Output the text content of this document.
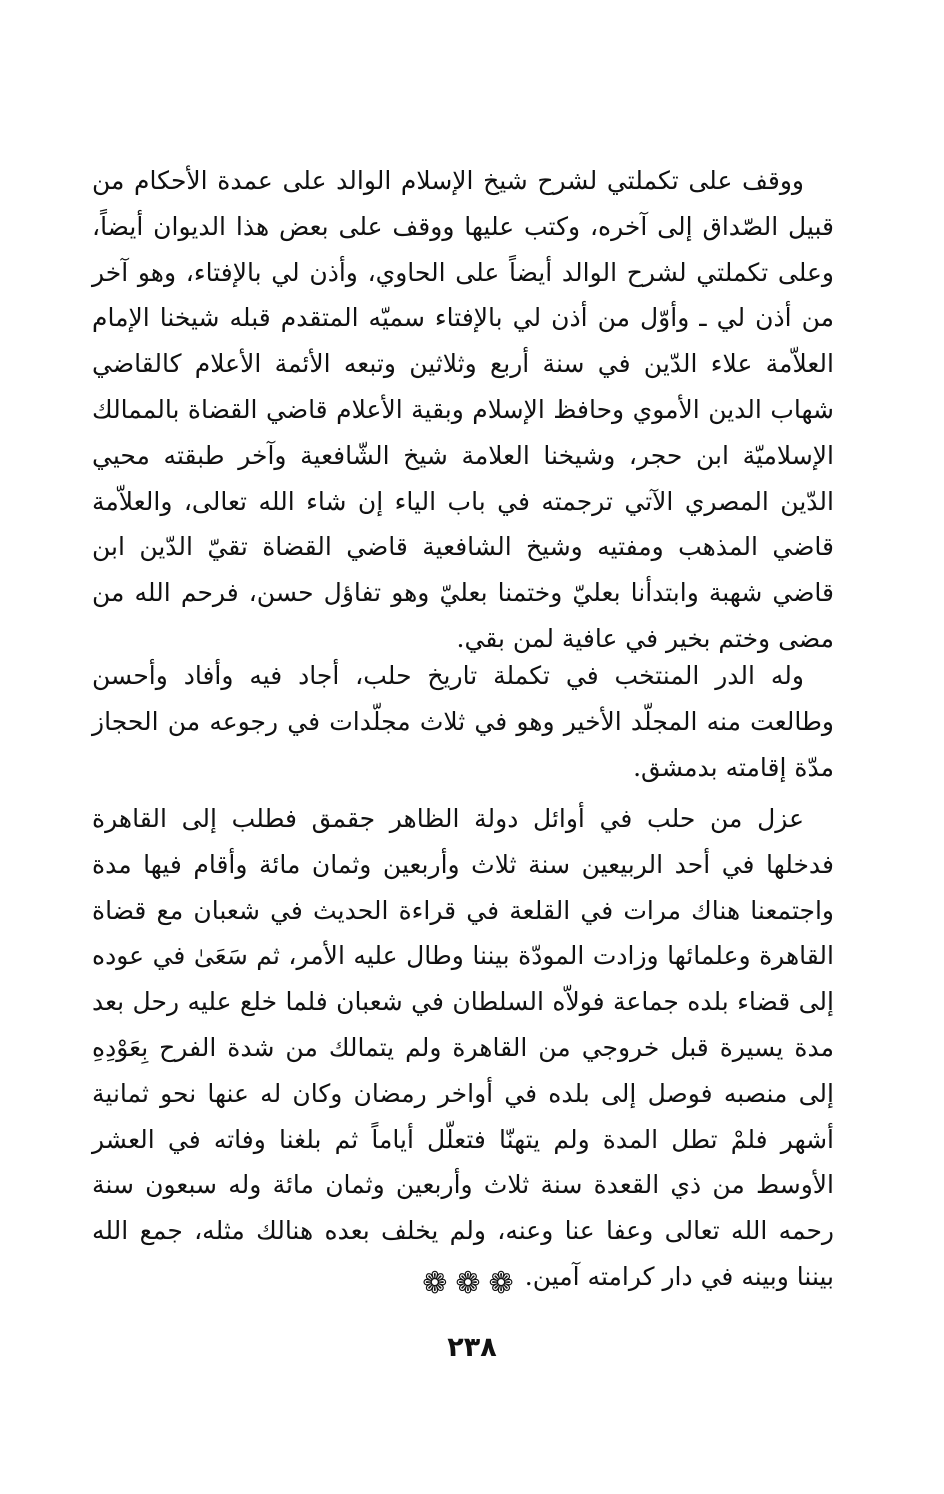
ووقف على تكملتي لشرح شيخ الإسلام الوالد على عمدة الأحكام من قبيل الصّداق إلى آخره، وكتب عليها ووقف على بعض هذا الديوان أيضاً، وعلى تكملتي لشرح الوالد أيضاً على الحاوي، وأذن لي بالإفتاء، وهو آخر من أذن لي ـ وأوّل من أذن لي بالإفتاء سميّه المتقدم قبله شيخنا الإمام العلاّمة علاء الدّين في سنة أربع وثلاثين وتبعه الأئمة الأعلام كالقاضي شهاب الدين الأموي وحافظ الإسلام وبقية الأعلام قاضي القضاة بالممالك الإسلاميّة ابن حجر، وشيخنا العلامة شيخ الشّافعية وآخر طبقته محيي الدّين المصري الآتي ترجمته في باب الياء إن شاء الله تعالى، والعلاّمة قاضي المذهب ومفتيه وشيخ الشافعية قاضي القضاة تقيّ الدّين ابن قاضي شهبة وابتدأنا بعليّ وختمنا بعليّ وهو تفاؤل حسن، فرحم الله من مضى وختم بخير في عافية لمن بقي.

وله الدر المنتخب في تكملة تاريخ حلب، أجاد فيه وأفاد وأحسن وطالعت منه المجلّد الأخير وهو في ثلاث مجلّدات في رجوعه من الحجاز مدّة إقامته بدمشق.

عزل من حلب في أوائل دولة الظاهر جقمق فطلب إلى القاهرة فدخلها في أحد الربيعين سنة ثلاث وأربعين وثمان مائة وأقام فيها مدة واجتمعنا هناك مرات في القلعة في قراءة الحديث في شعبان مع قضاة القاهرة وعلمائها وزادت المودّة بيننا وطال عليه الأمر، ثم سَعَىٰ في عوده إلى قضاء بلده جماعة فولاّه السلطان في شعبان فلما خلع عليه رحل بعد مدة يسيرة قبل خروجي من القاهرة ولم يتمالك من شدة الفرح بِعَوْدِهِ إلى منصبه فوصل إلى بلده في أواخر رمضان وكان له عنها نحو ثمانية أشهر فلمْ تطل المدة ولم يتهنّا فتعلّل أياماً ثم بلغنا وفاته في العشر الأوسط من ذي القعدة سنة ثلاث وأربعين وثمان مائة وله سبعون سنة رحمه الله تعالى وعفا عنا وعنه، ولم يخلف بعده هنالك مثله، جمع الله بيننا وبينه في دار كرامته آمين.

❁❁❁
٢٣٨
